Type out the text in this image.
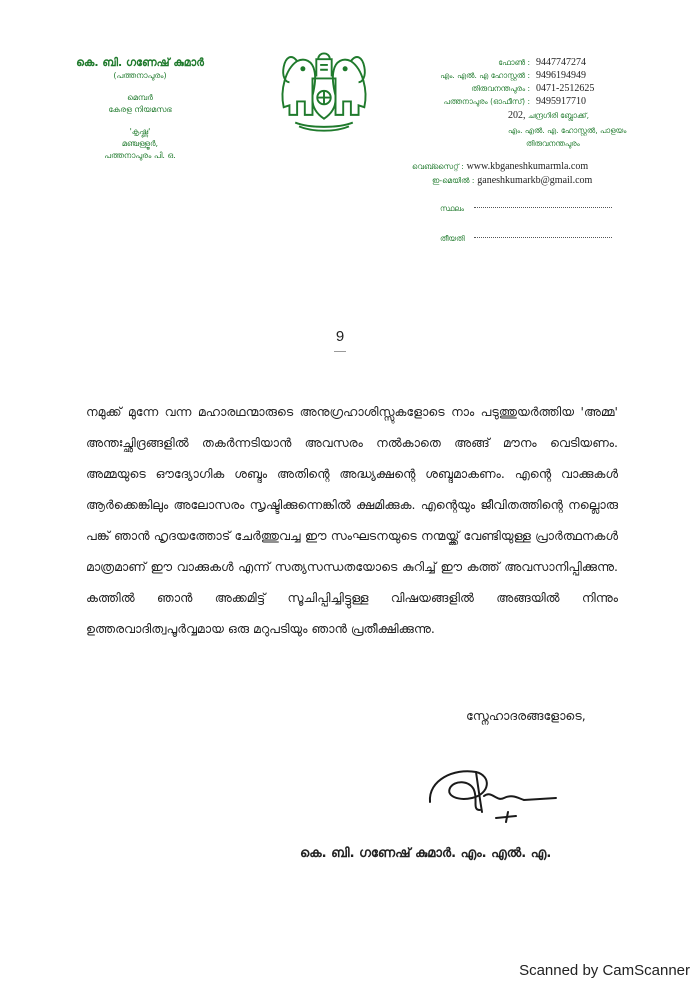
കെ. ബി. ഗണേഷ് കുമാർ
(പത്തനാപുരം)
മെമ്പർ
കേരള നിയമസഭ
'കൃഷ്ണ'
മഞ്ചള്ളൂർ,
പത്തനാപുരം പി. ഒ.
ഫോൺ : 9447747274
എം. എൽ. എ ഹോസ്റ്റൽ : 9496194949
തിരുവനന്തപുരം : 0471-2512625
പത്തനാപുരം (ഓഫീസ്) : 9495917710
202, ചന്ദ്രഗിരി ബ്ലോക്ക്,
എം. എൽ. എ. ഹോസ്റ്റൽ, പാളയം
തിരുവനന്തപുരം
വെബ്സൈറ്റ് : www.kbganeshkumarmla.com
ഇ-മെയിൽ : ganeshkumarkb@gmail.com
സ്ഥലം
തീയതി
9
നമുക്ക് മുന്നേ വന്ന മഹാരഥന്മാരുടെ അനുഗ്രഹാശിസ്സുകളോടെ നാം പടുത്തുയർത്തിയ 'അമ്മ' അന്തഃച്ഛിദ്രങ്ങളിൽ തകർന്നടിയാൻ അവസരം നൽകാതെ അങ്ങ് മൗനം വെടിയണം. അമ്മയുടെ ഔദ്യോഗിക ശബ്ദം അതിന്റെ അദ്ധ്യക്ഷന്റെ ശബ്ദമാകണം. എന്റെ വാക്കുകൾ ആർക്കെങ്കിലും അലോസരം സൃഷ്ടിക്കുന്നെങ്കിൽ ക്ഷമിക്കുക. എന്റെയും ജീവിതത്തിന്റെ നല്ലൊരു പങ്ക് ഞാൻ ഹൃദയത്തോട് ചേർത്തുവച്ച ഈ സംഘടനയുടെ നന്മയ്ക്ക് വേണ്ടിയുള്ള പ്രാർത്ഥനകൾ മാത്രമാണ് ഈ വാക്കുകൾ എന്ന് സത്യസന്ധതയോടെ കുറിച്ച് ഈ കത്ത് അവസാനിപ്പിക്കുന്നു. കത്തിൽ ഞാൻ അക്കമിട്ട് സൂചിപ്പിച്ചിട്ടുള്ള വിഷയങ്ങളിൽ അങ്ങയിൽ നിന്നും ഉത്തരവാദിത്വപൂർവ്വമായ ഒരു മറുപടിയും ഞാൻ പ്രതീക്ഷിക്കുന്നു.
സ്നേഹാദരങ്ങളോടെ,
കെ. ബി. ഗണേഷ് കുമാർ. എം. എൽ. എ.
Scanned by CamScanner
